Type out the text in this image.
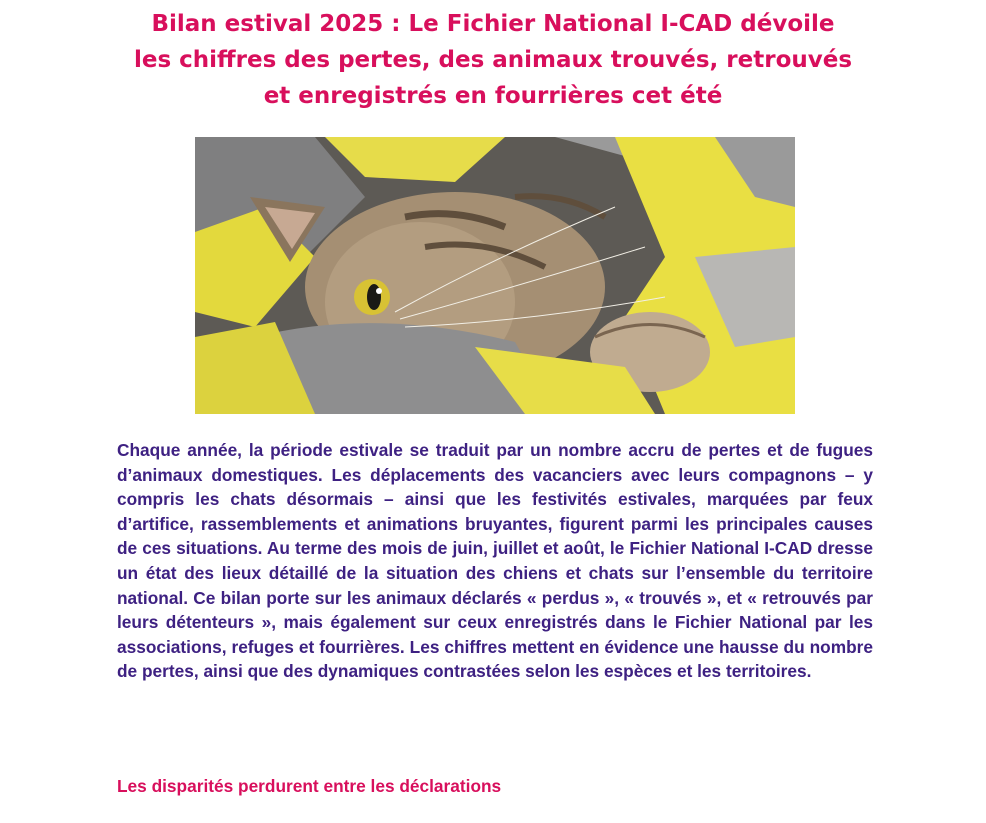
Bilan estival 2025 : Le Fichier National I-CAD dévoile
les chiffres des pertes, des animaux trouvés, retrouvés
et enregistrés en fourrières cet été

Chaque année, la période estivale se traduit par un nombre accru de pertes et de fugues d’animaux domestiques. Les déplacements des vacanciers avec leurs compagnons – y compris les chats désormais – ainsi que les festivités estivales, marquées par feux d’artifice, rassemblements et animations bruyantes, figurent parmi les principales causes de ces situations. Au terme des mois de juin, juillet et août, le Fichier National I-CAD dresse un état des lieux détaillé de la situation des chiens et chats sur l’ensemble du territoire national. Ce bilan porte sur les animaux déclarés « perdus », « trouvés », et « retrouvés par leurs détenteurs », mais également sur ceux enregistrés dans le Fichier National par les associations, refuges et fourrières. Les chiffres mettent en évidence une hausse du nombre de pertes, ainsi que des dynamiques contrastées selon les espèces et les territoires.

Les disparités perdurent entre les déclarations
